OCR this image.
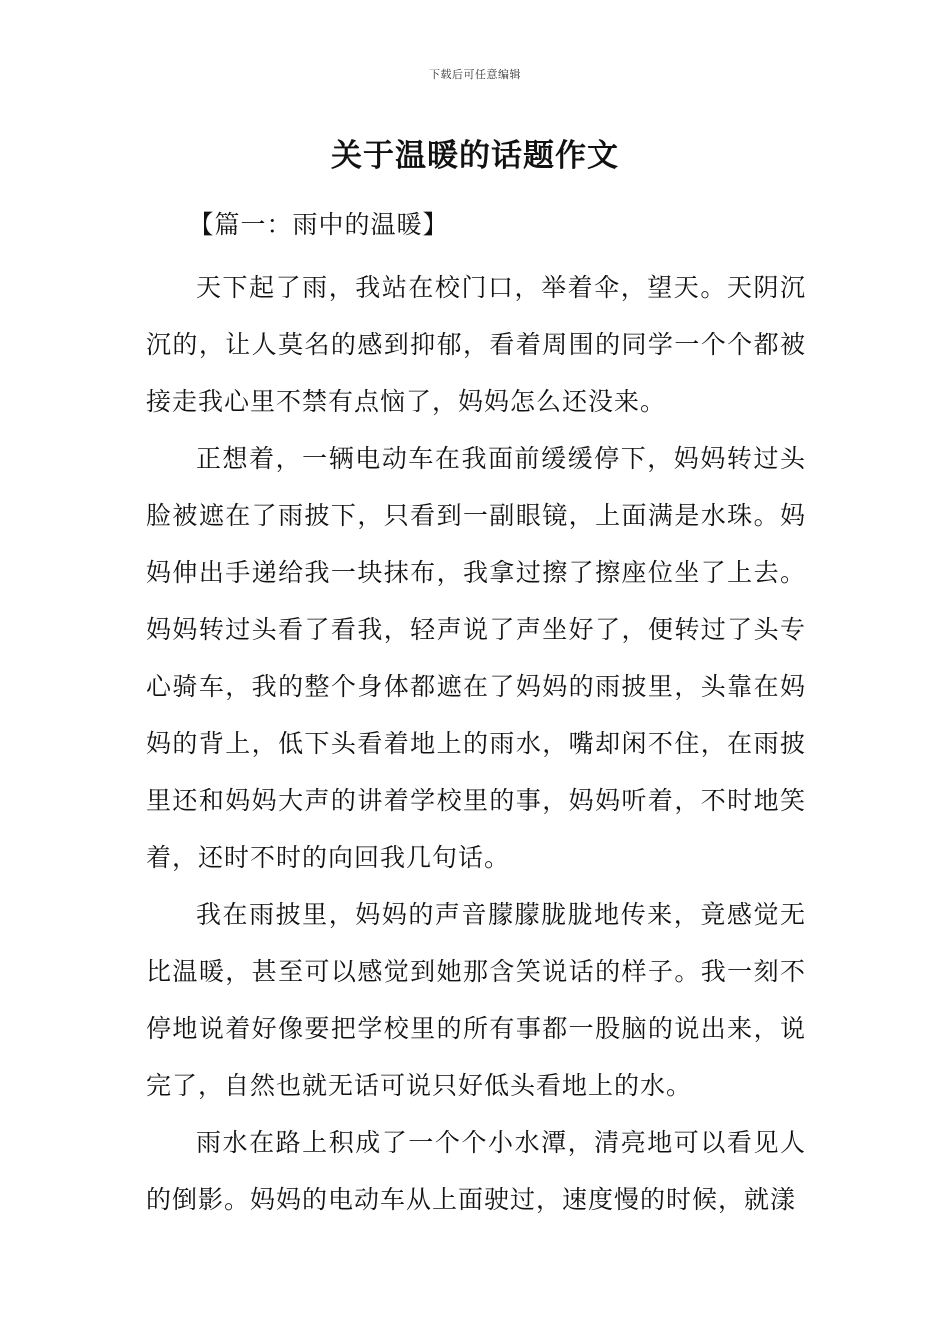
下载后可任意编辑
关于温暖的话题作文

【篇一：雨中的温暖】

天下起了雨，我站在校门口，举着伞，望天。天阴沉沉的，让人莫名的感到抑郁，看着周围的同学一个个都被接走我心里不禁有点恼了，妈妈怎么还没来。

正想着，一辆电动车在我面前缓缓停下，妈妈转过头脸被遮在了雨披下，只看到一副眼镜，上面满是水珠。妈妈伸出手递给我一块抹布，我拿过擦了擦座位坐了上去。妈妈转过头看了看我，轻声说了声坐好了，便转过了头专心骑车，我的整个身体都遮在了妈妈的雨披里，头靠在妈妈的背上，低下头看着地上的雨水，嘴却闲不住，在雨披里还和妈妈大声的讲着学校里的事，妈妈听着，不时地笑着，还时不时的向回我几句话。

我在雨披里，妈妈的声音朦朦胧胧地传来，竟感觉无比温暖，甚至可以感觉到她那含笑说话的样子。我一刻不停地说着好像要把学校里的所有事都一股脑的说出来，说完了，自然也就无话可说只好低头看地上的水。

雨水在路上积成了一个个小水潭，清亮地可以看见人的倒影。妈妈的电动车从上面驶过，速度慢的时候，就漾
